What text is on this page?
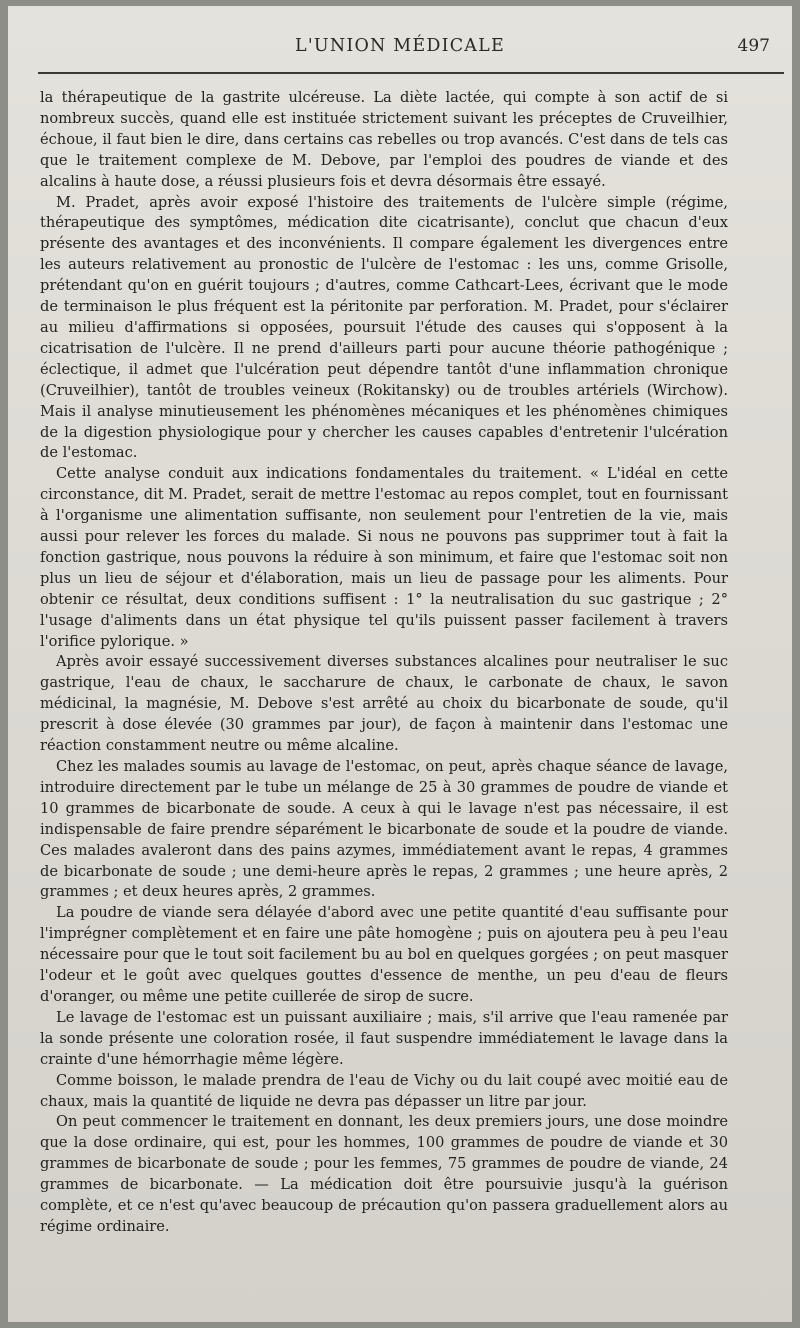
L'UNION MÉDICALE	497

la thérapeutique de la gastrite ulcéreuse. La diète lactée, qui compte à son actif de si nombreux succès, quand elle est instituée strictement suivant les préceptes de Cruveilhier, échoue, il faut bien le dire, dans certains cas rebelles ou trop avancés. C'est dans de tels cas que le traitement complexe de M. Debove, par l'emploi des poudres de viande et des alcalins à haute dose, a réussi plusieurs fois et devra désormais être essayé.

M. Pradet, après avoir exposé l'histoire des traitements de l'ulcère simple (régime, thérapeutique des symptômes, médication dite cicatrisante), conclut que chacun d'eux présente des avantages et des inconvénients. Il compare également les divergences entre les auteurs relativement au pronostic de l'ulcère de l'estomac : les uns, comme Grisolle, prétendant qu'on en guérit toujours ; d'autres, comme Cathcart-Lees, écrivant que le mode de terminaison le plus fréquent est la péritonite par perforation. M. Pradet, pour s'éclairer au milieu d'affirmations si opposées, poursuit l'étude des causes qui s'opposent à la cicatrisation de l'ulcère. Il ne prend d'ailleurs parti pour aucune théorie pathogénique ; éclectique, il admet que l'ulcération peut dépendre tantôt d'une inflammation chronique (Cruveilhier), tantôt de troubles veineux (Rokitansky) ou de troubles artériels (Wirchow). Mais il analyse minutieusement les phénomènes mécaniques et les phénomènes chimiques de la digestion physiologique pour y chercher les causes capables d'entretenir l'ulcération de l'estomac.

Cette analyse conduit aux indications fondamentales du traitement. « L'idéal en cette circonstance, dit M. Pradet, serait de mettre l'estomac au repos complet, tout en fournissant à l'organisme une alimentation suffisante, non seulement pour l'entretien de la vie, mais aussi pour relever les forces du malade. Si nous ne pouvons pas supprimer tout à fait la fonction gastrique, nous pouvons la réduire à son minimum, et faire que l'estomac soit non plus un lieu de séjour et d'élaboration, mais un lieu de passage pour les aliments. Pour obtenir ce résultat, deux conditions suffisent : 1° la neutralisation du suc gastrique ; 2° l'usage d'aliments dans un état physique tel qu'ils puissent passer facilement à travers l'orifice pylorique. »

Après avoir essayé successivement diverses substances alcalines pour neutraliser le suc gastrique, l'eau de chaux, le saccharure de chaux, le carbonate de chaux, le savon médicinal, la magnésie, M. Debove s'est arrêté au choix du bicarbonate de soude, qu'il prescrit à dose élevée (30 grammes par jour), de façon à maintenir dans l'estomac une réaction constamment neutre ou même alcaline.

Chez les malades soumis au lavage de l'estomac, on peut, après chaque séance de lavage, introduire directement par le tube un mélange de 25 à 30 grammes de poudre de viande et 10 grammes de bicarbonate de soude. A ceux à qui le lavage n'est pas nécessaire, il est indispensable de faire prendre séparément le bicarbonate de soude et la poudre de viande. Ces malades avaleront dans des pains azymes, immédiatement avant le repas, 4 grammes de bicarbonate de soude ; une demi-heure après le repas, 2 grammes ; une heure après, 2 grammes ; et deux heures après, 2 grammes.

La poudre de viande sera délayée d'abord avec une petite quantité d'eau suffisante pour l'imprégner complètement et en faire une pâte homogène ; puis on ajoutera peu à peu l'eau nécessaire pour que le tout soit facilement bu au bol en quelques gorgées ; on peut masquer l'odeur et le goût avec quelques gouttes d'essence de menthe, un peu d'eau de fleurs d'oranger, ou même une petite cuillerée de sirop de sucre.

Le lavage de l'estomac est un puissant auxiliaire ; mais, s'il arrive que l'eau ramenée par la sonde présente une coloration rosée, il faut suspendre immédiatement le lavage dans la crainte d'une hémorrhagie même légère.

Comme boisson, le malade prendra de l'eau de Vichy ou du lait coupé avec moitié eau de chaux, mais la quantité de liquide ne devra pas dépasser un litre par jour.

On peut commencer le traitement en donnant, les deux premiers jours, une dose moindre que la dose ordinaire, qui est, pour les hommes, 100 grammes de poudre de viande et 30 grammes de bicarbonate de soude ; pour les femmes, 75 grammes de poudre de viande, 24 grammes de bicarbonate. — La médication doit être poursuivie jusqu'à la guérison complète, et ce n'est qu'avec beaucoup de précaution qu'on passera graduellement alors au régime ordinaire.
